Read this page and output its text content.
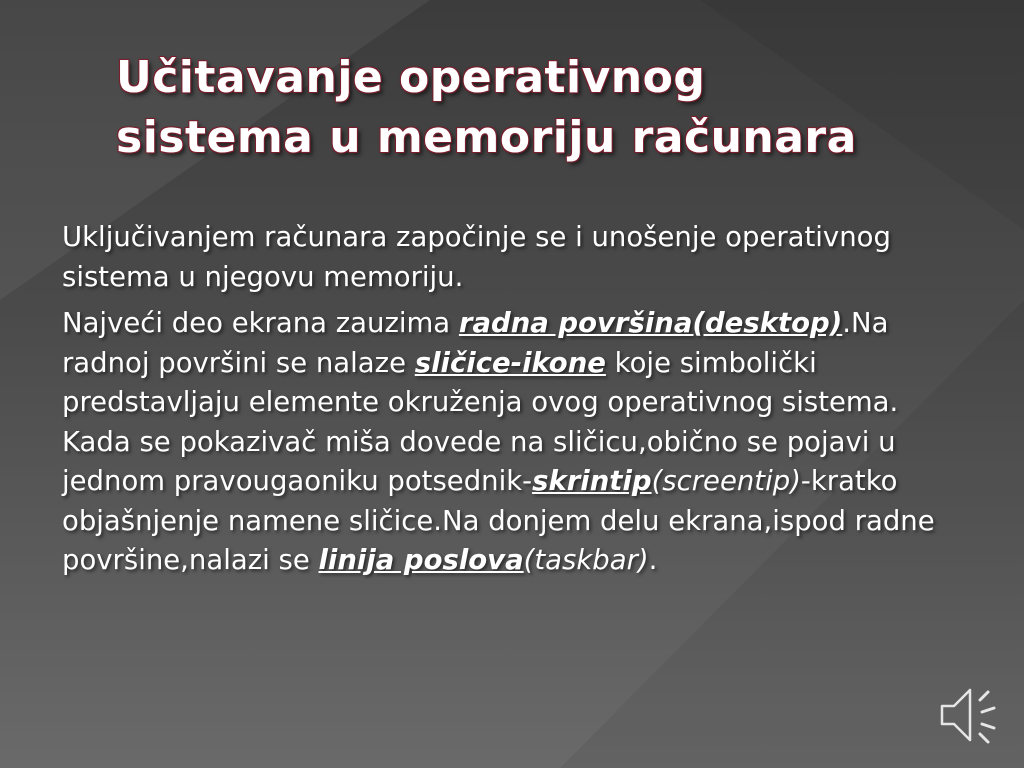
Učitavanje operativnog
sistema u memoriju računara

Uključivanjem računara započinje se i unošenje operativnog sistema u njegovu memoriju.

Najveći deo ekrana zauzima radna površina(desktop).Na radnoj površini se nalaze sličice-ikone koje simbolički predstavljaju elemente okruženja ovog operativnog sistema. Kada se pokazivač miša dovede na sličicu,obično se pojavi u jednom pravougaoniku potsednik-skrintip(screentip)-kratko objašnjenje namene sličice.Na donjem delu ekrana,ispod radne površine,nalazi se linija poslova(taskbar).
